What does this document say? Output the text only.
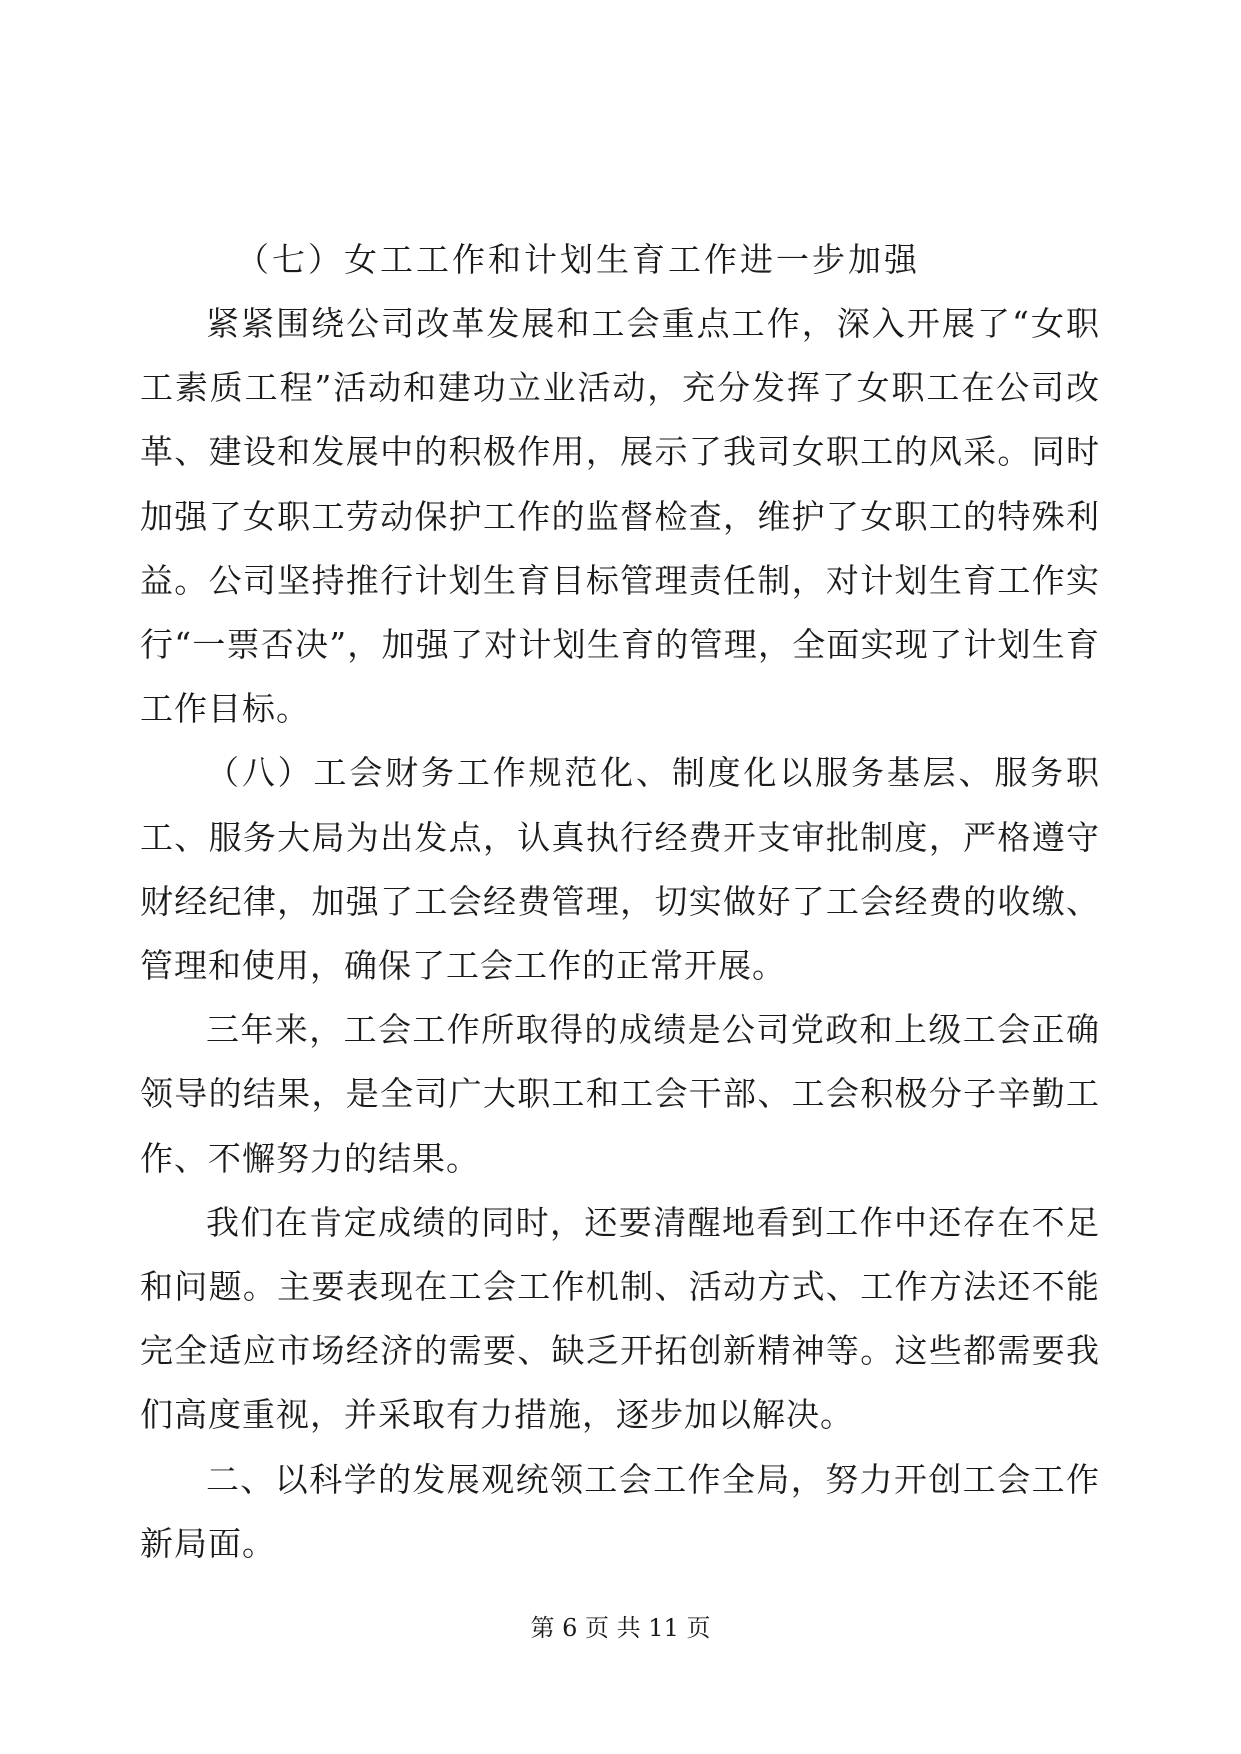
（七）女工工作和计划生育工作进一步加强

紧紧围绕公司改革发展和工会重点工作，深入开展了“女职工素质工程”活动和建功立业活动，充分发挥了女职工在公司改革、建设和发展中的积极作用，展示了我司女职工的风采。同时加强了女职工劳动保护工作的监督检查，维护了女职工的特殊利益。公司坚持推行计划生育目标管理责任制，对计划生育工作实行“一票否决”，加强了对计划生育的管理，全面实现了计划生育工作目标。

（八）工会财务工作规范化、制度化以服务基层、服务职工、服务大局为出发点，认真执行经费开支审批制度，严格遵守财经纪律，加强了工会经费管理，切实做好了工会经费的收缴、管理和使用，确保了工会工作的正常开展。

三年来，工会工作所取得的成绩是公司党政和上级工会正确领导的结果，是全司广大职工和工会干部、工会积极分子辛勤工作、不懈努力的结果。

我们在肯定成绩的同时，还要清醒地看到工作中还存在不足和问题。主要表现在工会工作机制、活动方式、工作方法还不能完全适应市场经济的需要、缺乏开拓创新精神等。这些都需要我们高度重视，并采取有力措施，逐步加以解决。

二、以科学的发展观统领工会工作全局，努力开创工会工作新局面。

第 6 页 共 11 页
